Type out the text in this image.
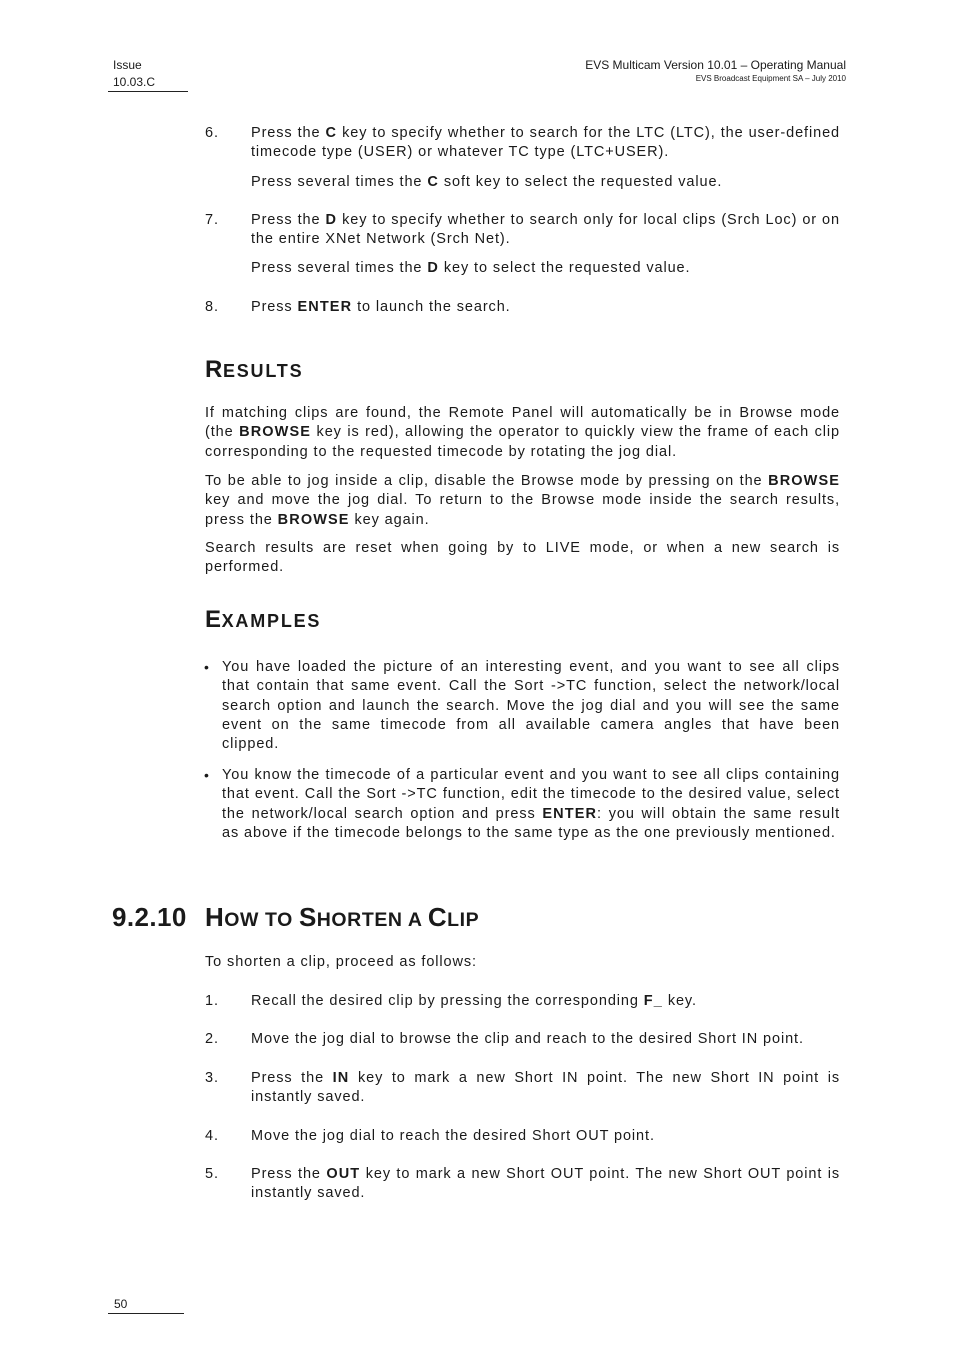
Issue
10.03.C
EVS Multicam Version 10.01 – Operating Manual
EVS Broadcast Equipment SA – July 2010
6. Press the C key to specify whether to search for the LTC (LTC), the user-defined timecode type (USER) or whatever TC type (LTC+USER).
Press several times the C soft key to select the requested value.
7. Press the D key to specify whether to search only for local clips (Srch Loc) or on the entire XNet Network (Srch Net).
Press several times the D key to select the requested value.
8. Press ENTER to launch the search.
RESULTS
If matching clips are found, the Remote Panel will automatically be in Browse mode (the BROWSE key is red), allowing the operator to quickly view the frame of each clip corresponding to the requested timecode by rotating the jog dial.
To be able to jog inside a clip, disable the Browse mode by pressing on the BROWSE key and move the jog dial. To return to the Browse mode inside the search results, press the BROWSE key again.
Search results are reset when going by to LIVE mode, or when a new search is performed.
EXAMPLES
• You have loaded the picture of an interesting event, and you want to see all clips that contain that same event. Call the Sort ->TC function, select the network/local search option and launch the search. Move the jog dial and you will see the same event on the same timecode from all available camera angles that have been clipped.
• You know the timecode of a particular event and you want to see all clips containing that event. Call the Sort ->TC function, edit the timecode to the desired value, select the network/local search option and press ENTER: you will obtain the same result as above if the timecode belongs to the same type as the one previously mentioned.
9.2.10 HOW TO SHORTEN A CLIP
To shorten a clip, proceed as follows:
1. Recall the desired clip by pressing the corresponding F_ key.
2. Move the jog dial to browse the clip and reach to the desired Short IN point.
3. Press the IN key to mark a new Short IN point. The new Short IN point is instantly saved.
4. Move the jog dial to reach the desired Short OUT point.
5. Press the OUT key to mark a new Short OUT point. The new Short OUT point is instantly saved.
50
